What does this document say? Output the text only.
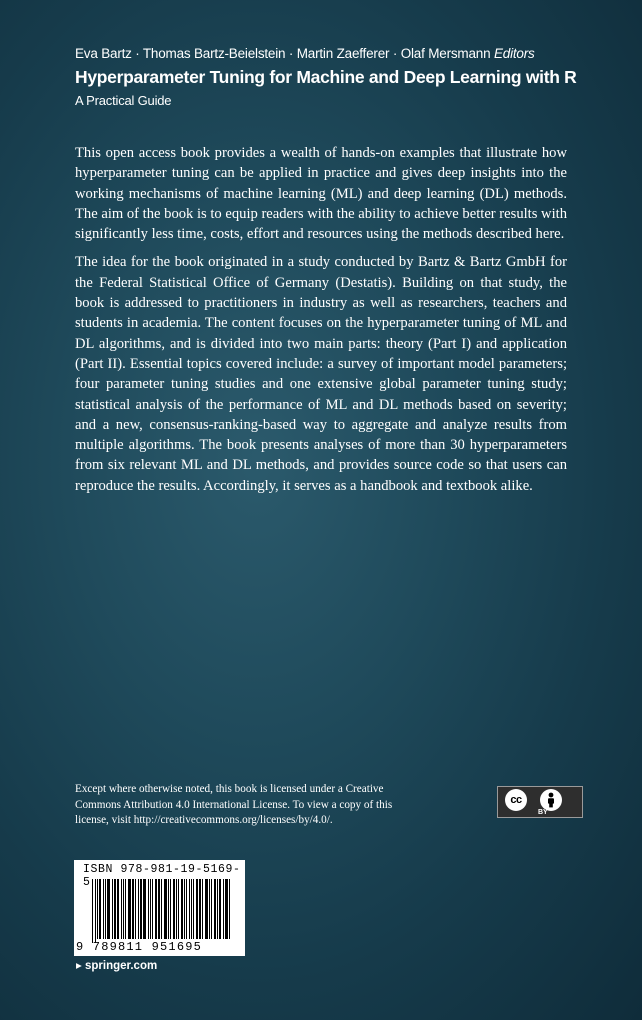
Eva Bartz · Thomas Bartz-Beielstein · Martin Zaefferer · Olaf Mersmann Editors
Hyperparameter Tuning for Machine and Deep Learning with R
A Practical Guide

This open access book provides a wealth of hands-on examples that illustrate how hyperparameter tuning can be applied in practice and gives deep insights into the working mechanisms of machine learning (ML) and deep learning (DL) methods. The aim of the book is to equip readers with the ability to achieve better results with significantly less time, costs, effort and resources using the methods described here.

The idea for the book originated in a study conducted by Bartz & Bartz GmbH for the Federal Statistical Office of Germany (Destatis). Building on that study, the book is addressed to practitioners in industry as well as researchers, teachers and students in academia. The content focuses on the hyperparameter tuning of ML and DL algorithms, and is divided into two main parts: theory (Part I) and application (Part II). Essential topics covered include: a survey of important model parameters; four parameter tuning studies and one extensive global parameter tuning study; statistical analysis of the performance of ML and DL methods based on severity; and a new, consensus-ranking-based way to aggregate and analyze results from multiple algorithms. The book presents analyses of more than 30 hyperparameters from six relevant ML and DL methods, and provides source code so that users can reproduce the results. Accordingly, it serves as a handbook and textbook alike.

Except where otherwise noted, this book is licensed under a Creative Commons Attribution 4.0 International License. To view a copy of this license, visit http://creativecommons.org/licenses/by/4.0/.
cc
BY
ISBN 978-981-19-5169-5
9 789811 951695
▸ springer.com
